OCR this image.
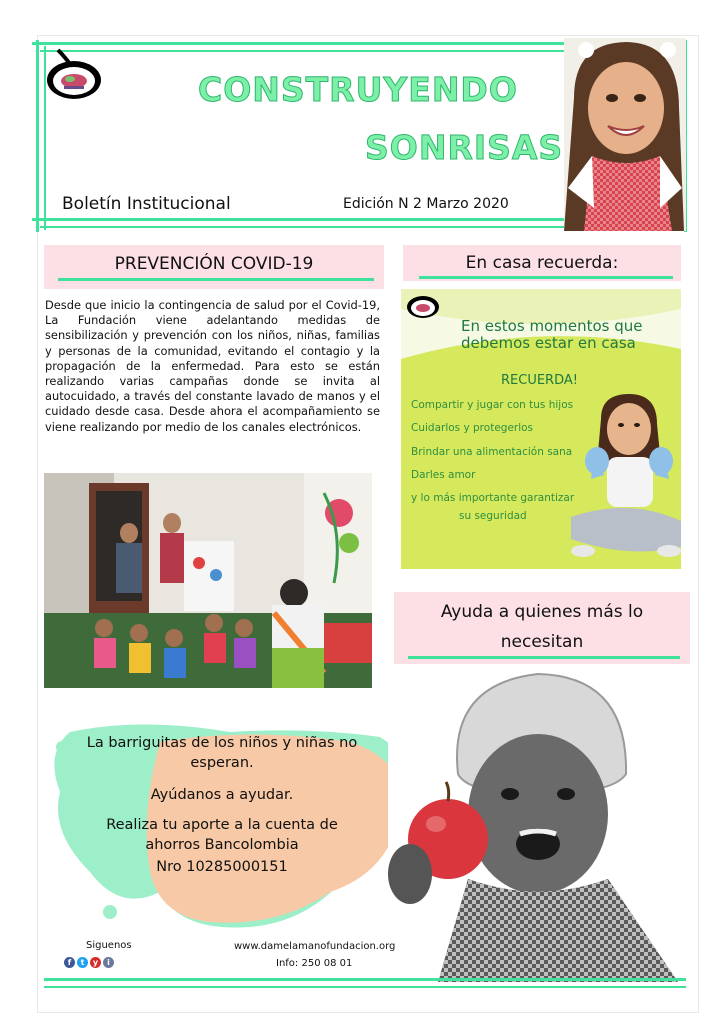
CONSTRUYENDO
SONRISAS
Boletín Institucional	Edición N 2 Marzo 2020
PREVENCIÓN COVID-19
Desde que inicio la contingencia de salud por el Covid-19, La Fundación viene adelantando medidas de sensibilización y prevención con los niños, niñas, familias y personas de la comunidad, evitando el contagio y la propagación de la enfermedad. Para esto se están realizando varias campañas donde se invita al autocuidado, a través del constante lavado de manos y el cuidado desde casa. Desde ahora el acompañamiento se viene realizando por medio de los canales electrónicos.
En casa recuerda:
En estos momentos que
debemos estar en casa
RECUERDA!
Compartir y jugar con tus hijos
Cuidarlos y protegerlos
Brindar una alimentación sana
Darles amor
y lo más importante garantizar
su seguridad
Ayuda a quienes más lo
necesitan
La barriguitas de los niños y niñas no
esperan.
Ayúdanos a ayudar.
Realiza tu aporte a la cuenta de
ahorros Bancolombia
Nro 10285000151
Siguenos
f	t	y	i
www.damelamanofundacion.org
Info: 250 08 01
